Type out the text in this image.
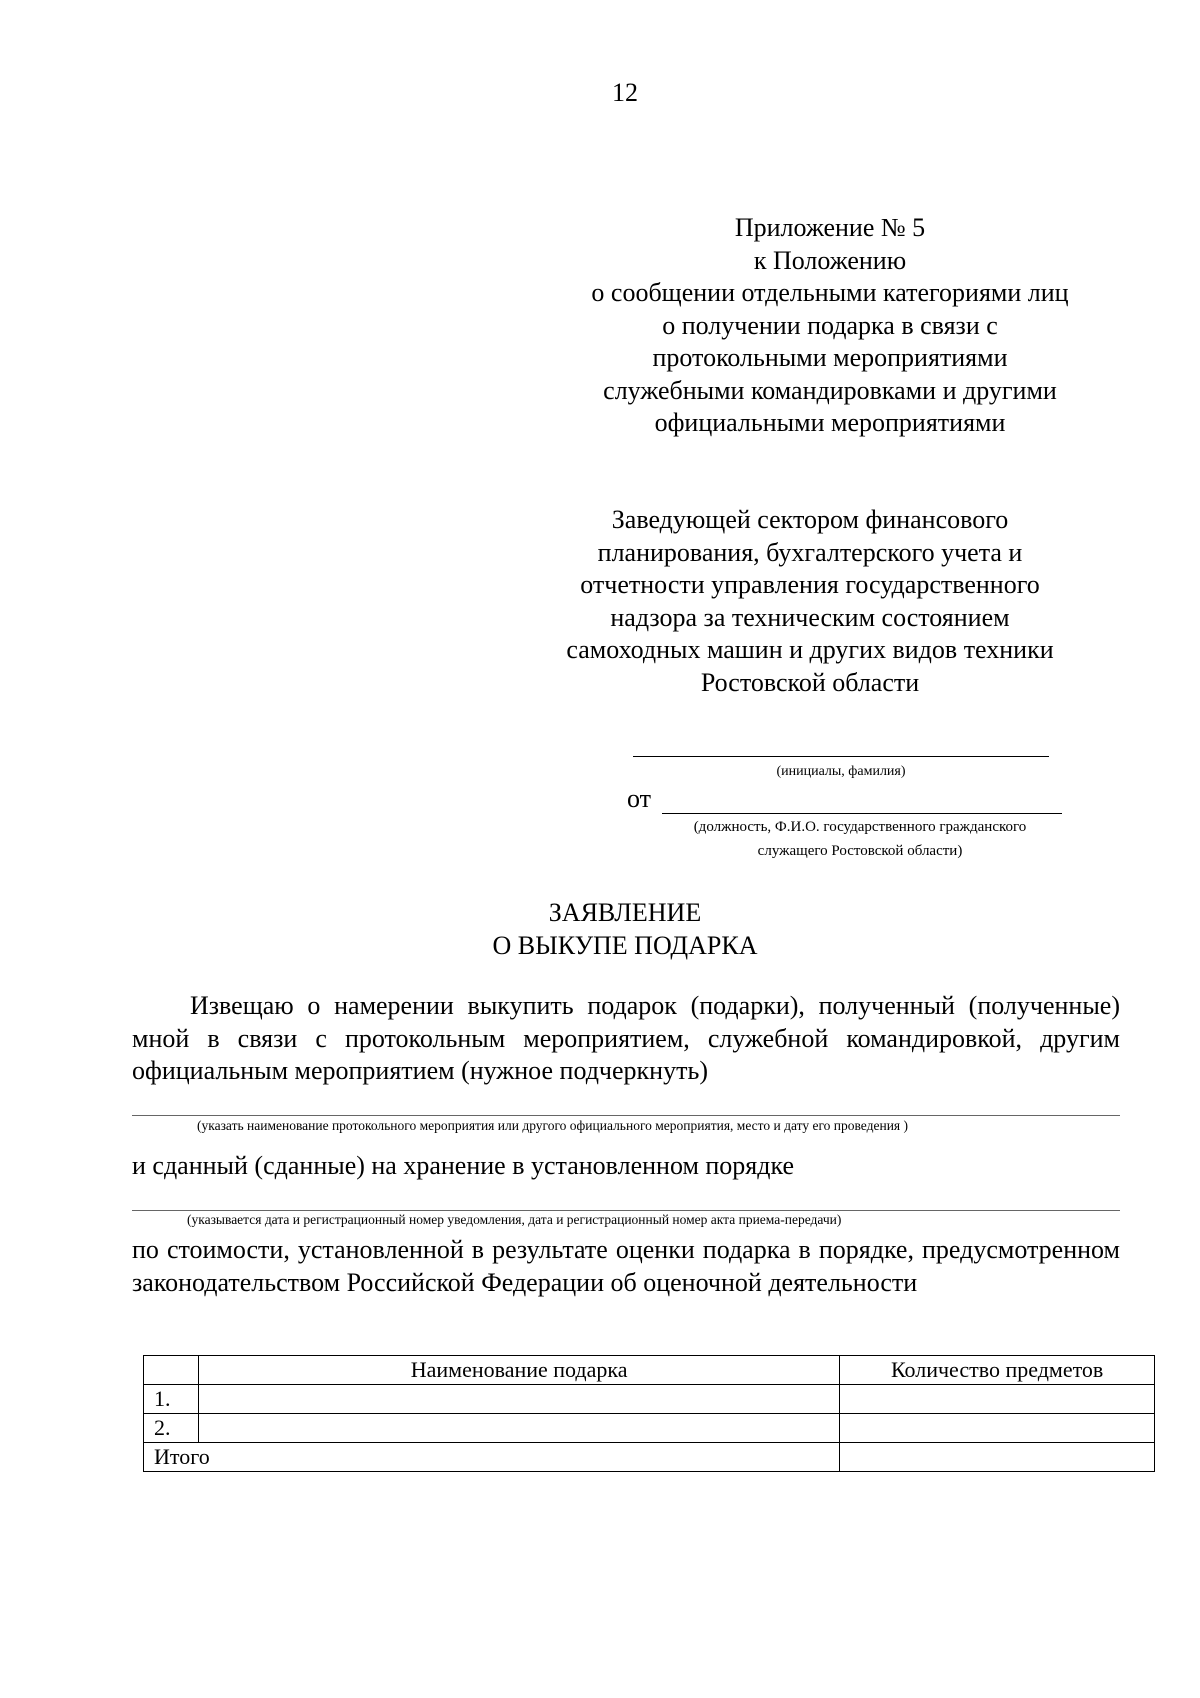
12
Приложение № 5
к Положению
о сообщении отдельными категориями лиц
о получении подарка в связи с
протокольными мероприятиями
служебными командировками и другими
официальными мероприятиями
Заведующей сектором финансового
планирования, бухгалтерского учета и
отчетности управления государственного
надзора за техническим состоянием
самоходных машин и других видов техники
Ростовской области
(инициалы, фамилия)
от
(должность, Ф.И.О. государственного гражданского
служащего Ростовской области)
ЗАЯВЛЕНИЕ
О ВЫКУПЕ ПОДАРКА
Извещаю о намерении выкупить подарок (подарки), полученный (полученные) мной в связи с протокольным мероприятием, служебной командировкой, другим официальным мероприятием (нужное подчеркнуть)
(указать наименование протокольного мероприятия или другого официального мероприятия, место и дату его проведения )
и сданный (сданные) на хранение в установленном порядке
(указывается дата и регистрационный номер уведомления, дата и регистрационный номер акта приема-передачи)
по стоимости, установленной в результате оценки подарка в порядке, предусмотренном законодательством Российской Федерации об оценочной деятельности
	Наименование подарка	Количество предметов
1.		
2.		
Итого		
